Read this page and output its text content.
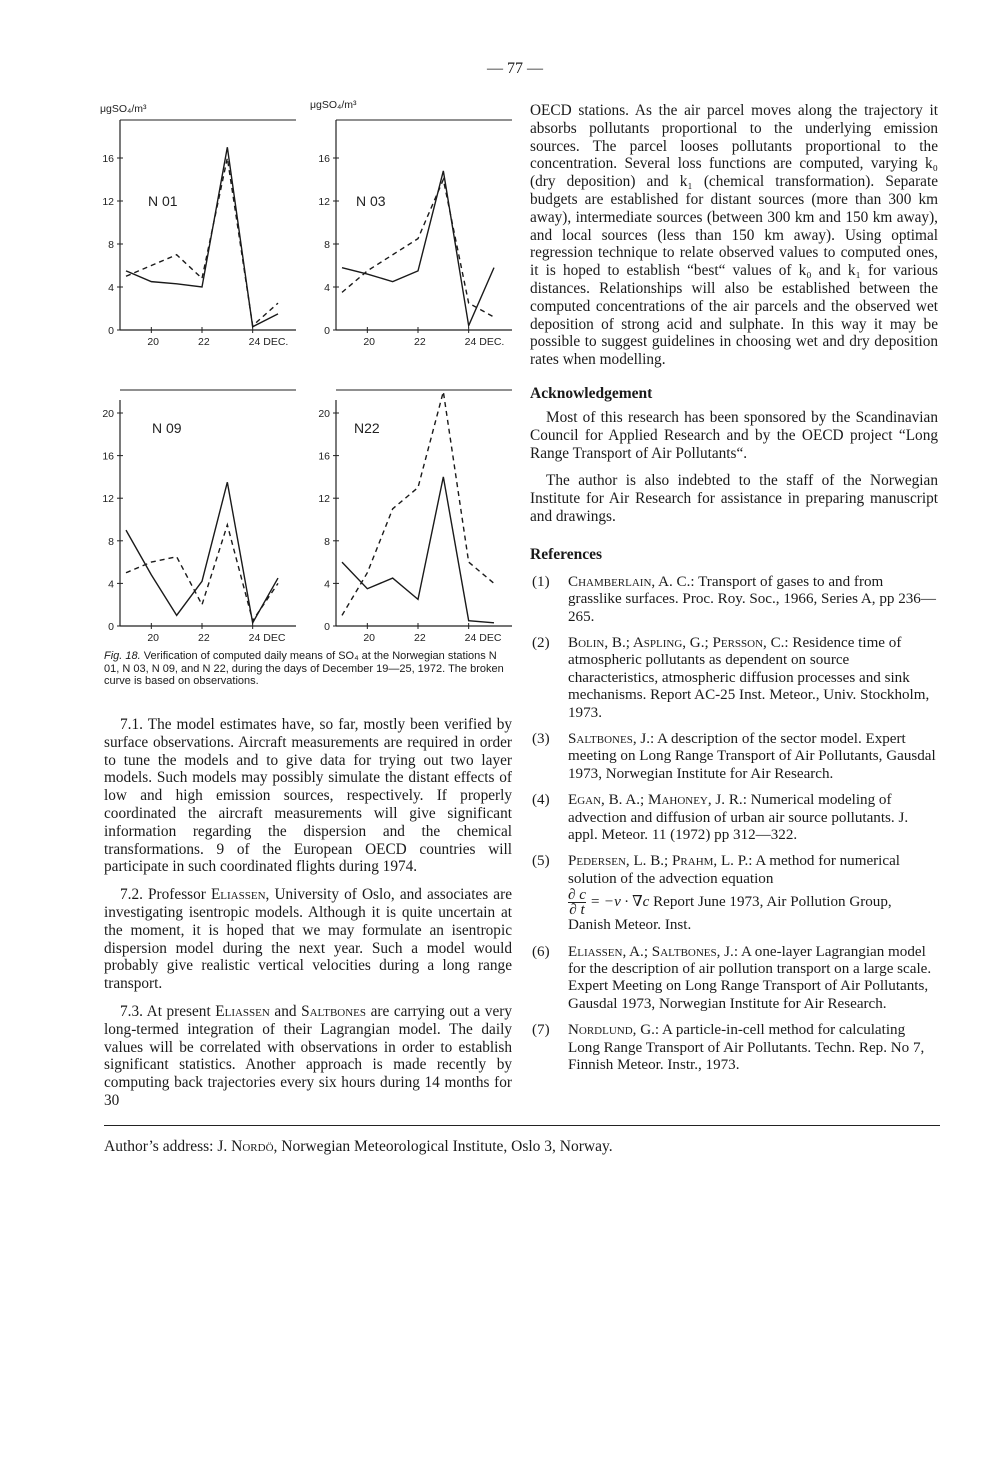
— 77 —
0
4
8
12
16
20	22	24 DEC.
N 01
0
4
8
12
16
20	22	24 DEC.
N 03
0
4
8
12
16
20
20	22	24 DEC
N 09
0
4
8
12
16
20
20	22	24 DEC
N22
μgSO₄/m³	μgSO₄/m³

Fig. 18. Verification of computed daily means of SO₄ at the Norwegian stations N 01, N 03, N 09, and N 22, during the days of December 19—25, 1972. The broken curve is based on observations.

7.1. The model estimates have, so far, mostly been verified by surface observations. Aircraft measurements are required in order to tune the models and to give data for trying out two layer models. Such models may possibly simulate the distant effects of low and high emission sources, respectively. If properly coordinated the aircraft measurements will give significant information regarding the dispersion and the chemical transformations. 9 of the European OECD countries will participate in such coordinated flights during 1974.

7.2. Professor Eliassen, University of Oslo, and associates are investigating isentropic models. Although it is quite uncertain at the moment, it is hoped that we may formulate an isentropic dispersion model during the next year. Such a model would probably give realistic vertical velocities during a long range transport.

7.3. At present Eliassen and Saltbones are carrying out a very long-termed integration of their Lagrangian model. The daily values will be correlated with observations in order to establish significant statistics. Another approach is made recently by computing back trajectories every six hours during 14 months for 30

OECD stations. As the air parcel moves along the trajectory it absorbs pollutants proportional to the underlying emission sources. The parcel looses pollutants proportional to the concentration. Several loss functions are computed, varying k₀ (dry deposition) and k₁ (chemical transformation). Separate budgets are established for distant sources (more than 300 km away), intermediate sources (between 300 km and 150 km away), and local sources (less than 150 km away). Using optimal regression technique to relate observed values to computed ones, it is hoped to establish “best“ values of k₀ and k₁ for various distances. Relationships will also be established between the computed concentrations of the air parcels and the observed wet deposition of strong acid and sulphate. In this way it may be possible to suggest guidelines in choosing wet and dry deposition rates when modelling.

Acknowledgement

Most of this research has been sponsored by the Scandinavian Council for Applied Research and by the OECD project “Long Range Transport of Air Pollutants“.

The author is also indebted to the staff of the Norwegian Institute for Air Research for assistance in preparing manuscript and drawings.

References
(1)	Chamberlain, A. C.: Transport of gases to and from grasslike surfaces. Proc. Roy. Soc., 1966, Series A, pp 236—265.
(2)	Bolin, B.; Aspling, G.; Persson, C.: Residence time of atmospheric pollutants as dependent on source characteristics, atmospheric diffusion processes and sink mechanisms. Report AC-25 Inst. Meteor., Univ. Stockholm, 1973.
(3)	Saltbones, J.: A description of the sector model. Expert meeting on Long Range Transport of Air Pollutants, Gausdal 1973, Norwegian Institute for Air Research.
(4)	Egan, B. A.; Mahoney, J. R.: Numerical modeling of advection and diffusion of urban air source pollutants. J. appl. Meteor. 11 (1972) pp 312—322.
(5)	Pedersen, L. B.; Prahm, L. P.: A method for numerical solution of the advection equation

$\frac{\partial c}{\partial t} = -v \cdot \nabla c$ Report June 1973, Air Pollution Group, Danish Meteor. Inst.
(6)	Eliassen, A.; Saltbones, J.: A one-layer Lagrangian model for the description of air pollution transport on a large scale. Expert Meeting on Long Range Transport of Air Pollutants, Gausdal 1973, Norwegian Institute for Air Research.
(7)	Nordlund, G.: A particle-in-cell method for calculating Long Range Transport of Air Pollutants. Techn. Rep. No 7, Finnish Meteor. Instr., 1973.
Author’s address: J. Nordö, Norwegian Meteorological Institute, Oslo 3, Norway.
